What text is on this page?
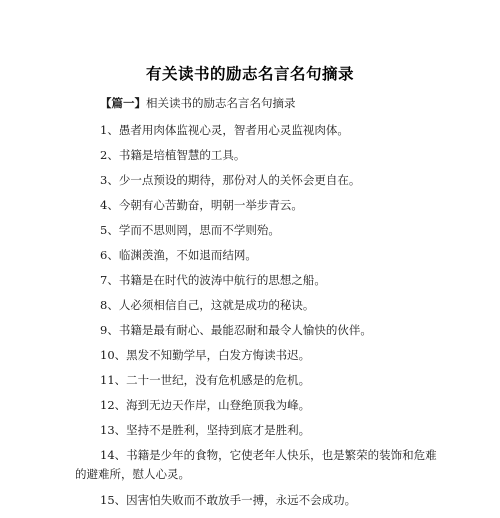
有关读书的励志名言名句摘录
【篇一】相关读书的励志名言名句摘录
1、愚者用肉体监视心灵，智者用心灵监视肉体。
2、书籍是培植智慧的工具。
3、少一点预设的期待，那份对人的关怀会更自在。
4、今朝有心苦勤奋，明朝一举步青云。
5、学而不思则罔，思而不学则殆。
6、临渊羡渔，不如退而结网。
7、书籍是在时代的波涛中航行的思想之船。
8、人必须相信自己，这就是成功的秘诀。
9、书籍是最有耐心、最能忍耐和最令人愉快的伙伴。
10、黑发不知勤学早，白发方悔读书迟。
11、二十一世纪，没有危机感是的危机。
12、海到无边天作岸，山登绝顶我为峰。
13、坚持不是胜利，坚持到底才是胜利。
14、书籍是少年的食物，它使老年人快乐，也是繁荣的装饰和危难的避难所，慰人心灵。
15、因害怕失败而不敢放手一搏，永远不会成功。
